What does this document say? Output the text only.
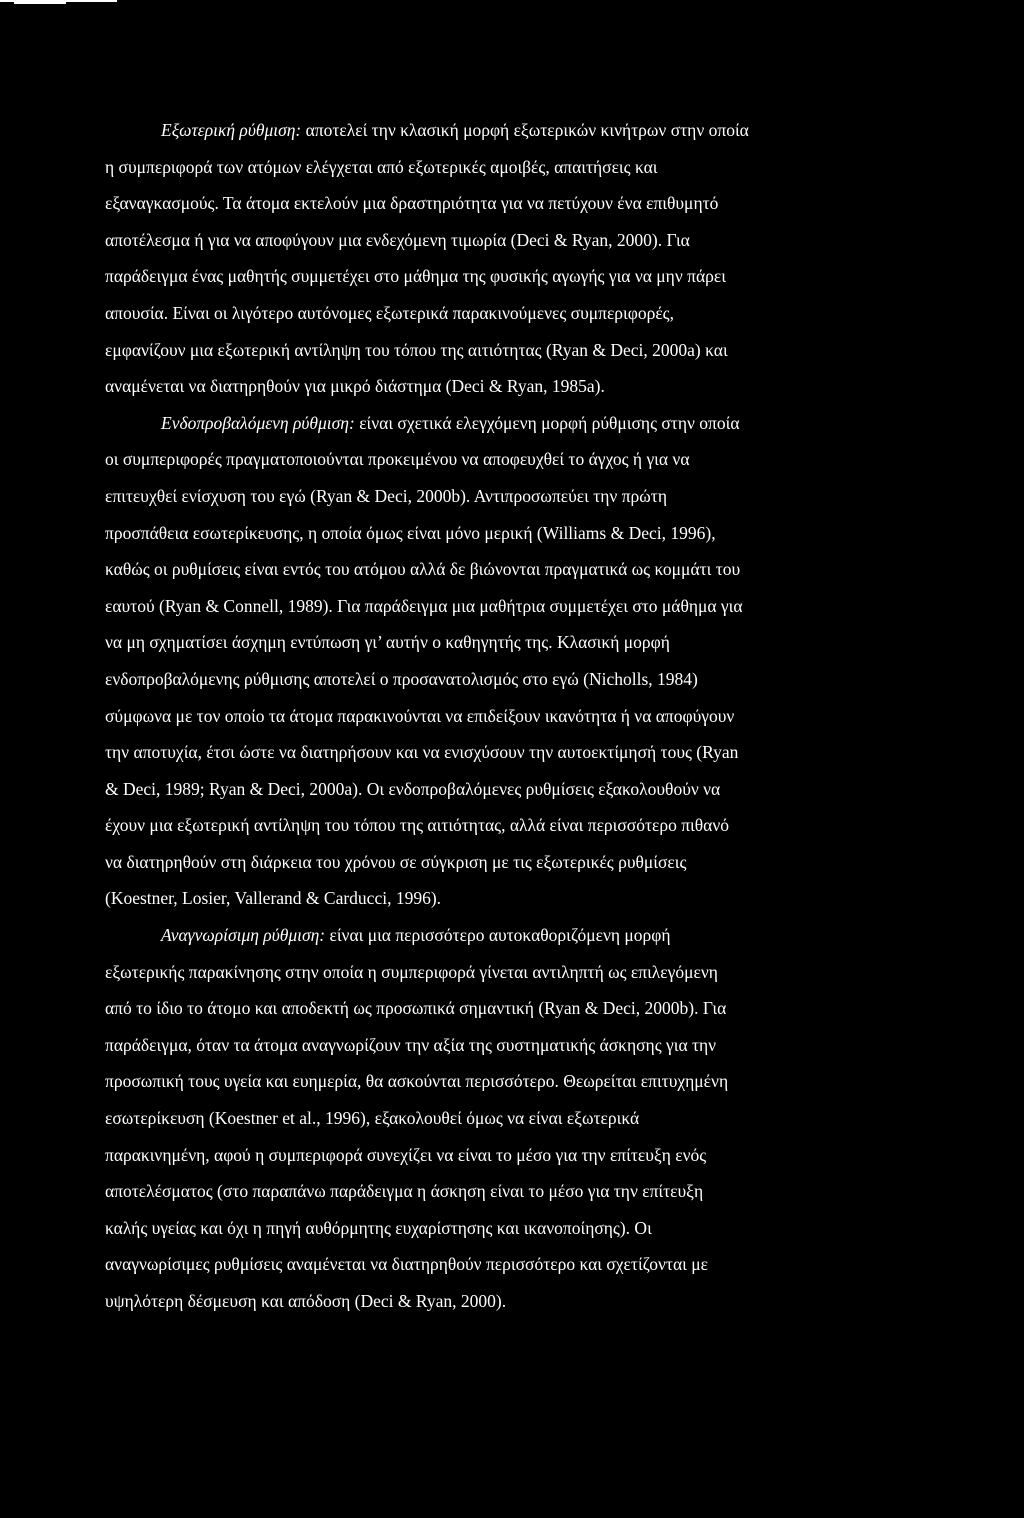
Εξωτερική ρύθμιση: αποτελεί την κλασική μορφή εξωτερικών κινήτρων στην οποία
η συμπεριφορά των ατόμων ελέγχεται από εξωτερικές αμοιβές, απαιτήσεις και
εξαναγκασμούς. Τα άτομα εκτελούν μια δραστηριότητα για να πετύχουν ένα επιθυμητό
αποτέλεσμα ή για να αποφύγουν μια ενδεχόμενη τιμωρία (Deci & Ryan, 2000). Για
παράδειγμα ένας μαθητής συμμετέχει στο μάθημα της φυσικής αγωγής για να μην πάρει
απουσία. Είναι οι λιγότερο αυτόνομες εξωτερικά παρακινούμενες συμπεριφορές,
εμφανίζουν μια εξωτερική αντίληψη του τόπου της αιτιότητας (Ryan & Deci, 2000a) και
αναμένεται να διατηρηθούν για μικρό διάστημα (Deci & Ryan, 1985a).
Ενδοπροβαλόμενη ρύθμιση: είναι σχετικά ελεγχόμενη μορφή ρύθμισης στην οποία
οι συμπεριφορές πραγματοποιούνται προκειμένου να αποφευχθεί το άγχος ή για να
επιτευχθεί ενίσχυση του εγώ (Ryan & Deci, 2000b). Αντιπροσωπεύει την πρώτη
προσπάθεια εσωτερίκευσης, η οποία όμως είναι μόνο μερική (Williams & Deci, 1996),
καθώς οι ρυθμίσεις είναι εντός του ατόμου αλλά δε βιώνονται πραγματικά ως κομμάτι του
εαυτού (Ryan & Connell, 1989). Για παράδειγμα μια μαθήτρια συμμετέχει στο μάθημα για
να μη σχηματίσει άσχημη εντύπωση γι’ αυτήν ο καθηγητής της. Κλασική μορφή
ενδοπροβαλόμενης ρύθμισης αποτελεί ο προσανατολισμός στο εγώ (Nicholls, 1984)
σύμφωνα με τον οποίο τα άτομα παρακινούνται να επιδείξουν ικανότητα ή να αποφύγουν
την αποτυχία, έτσι ώστε να διατηρήσουν και να ενισχύσουν την αυτοεκτίμησή τους (Ryan
& Deci, 1989; Ryan & Deci, 2000a). Οι ενδοπροβαλόμενες ρυθμίσεις εξακολουθούν να
έχουν μια εξωτερική αντίληψη του τόπου της αιτιότητας, αλλά είναι περισσότερο πιθανό
να διατηρηθούν στη διάρκεια του χρόνου σε σύγκριση με τις εξωτερικές ρυθμίσεις
(Koestner, Losier, Vallerand & Carducci, 1996).
Αναγνωρίσιμη ρύθμιση: είναι μια περισσότερο αυτοκαθοριζόμενη μορφή
εξωτερικής παρακίνησης στην οποία η συμπεριφορά γίνεται αντιληπτή ως επιλεγόμενη
από το ίδιο το άτομο και αποδεκτή ως προσωπικά σημαντική (Ryan & Deci, 2000b). Για
παράδειγμα, όταν τα άτομα αναγνωρίζουν την αξία της συστηματικής άσκησης για την
προσωπική τους υγεία και ευημερία, θα ασκούνται περισσότερο. Θεωρείται επιτυχημένη
εσωτερίκευση (Koestner et al., 1996), εξακολουθεί όμως να είναι εξωτερικά
παρακινημένη, αφού η συμπεριφορά συνεχίζει να είναι το μέσο για την επίτευξη ενός
αποτελέσματος (στο παραπάνω παράδειγμα η άσκηση είναι το μέσο για την επίτευξη
καλής υγείας και όχι η πηγή αυθόρμητης ευχαρίστησης και ικανοποίησης). Οι
αναγνωρίσιμες ρυθμίσεις αναμένεται να διατηρηθούν περισσότερο και σχετίζονται με
υψηλότερη δέσμευση και απόδοση (Deci & Ryan, 2000).
